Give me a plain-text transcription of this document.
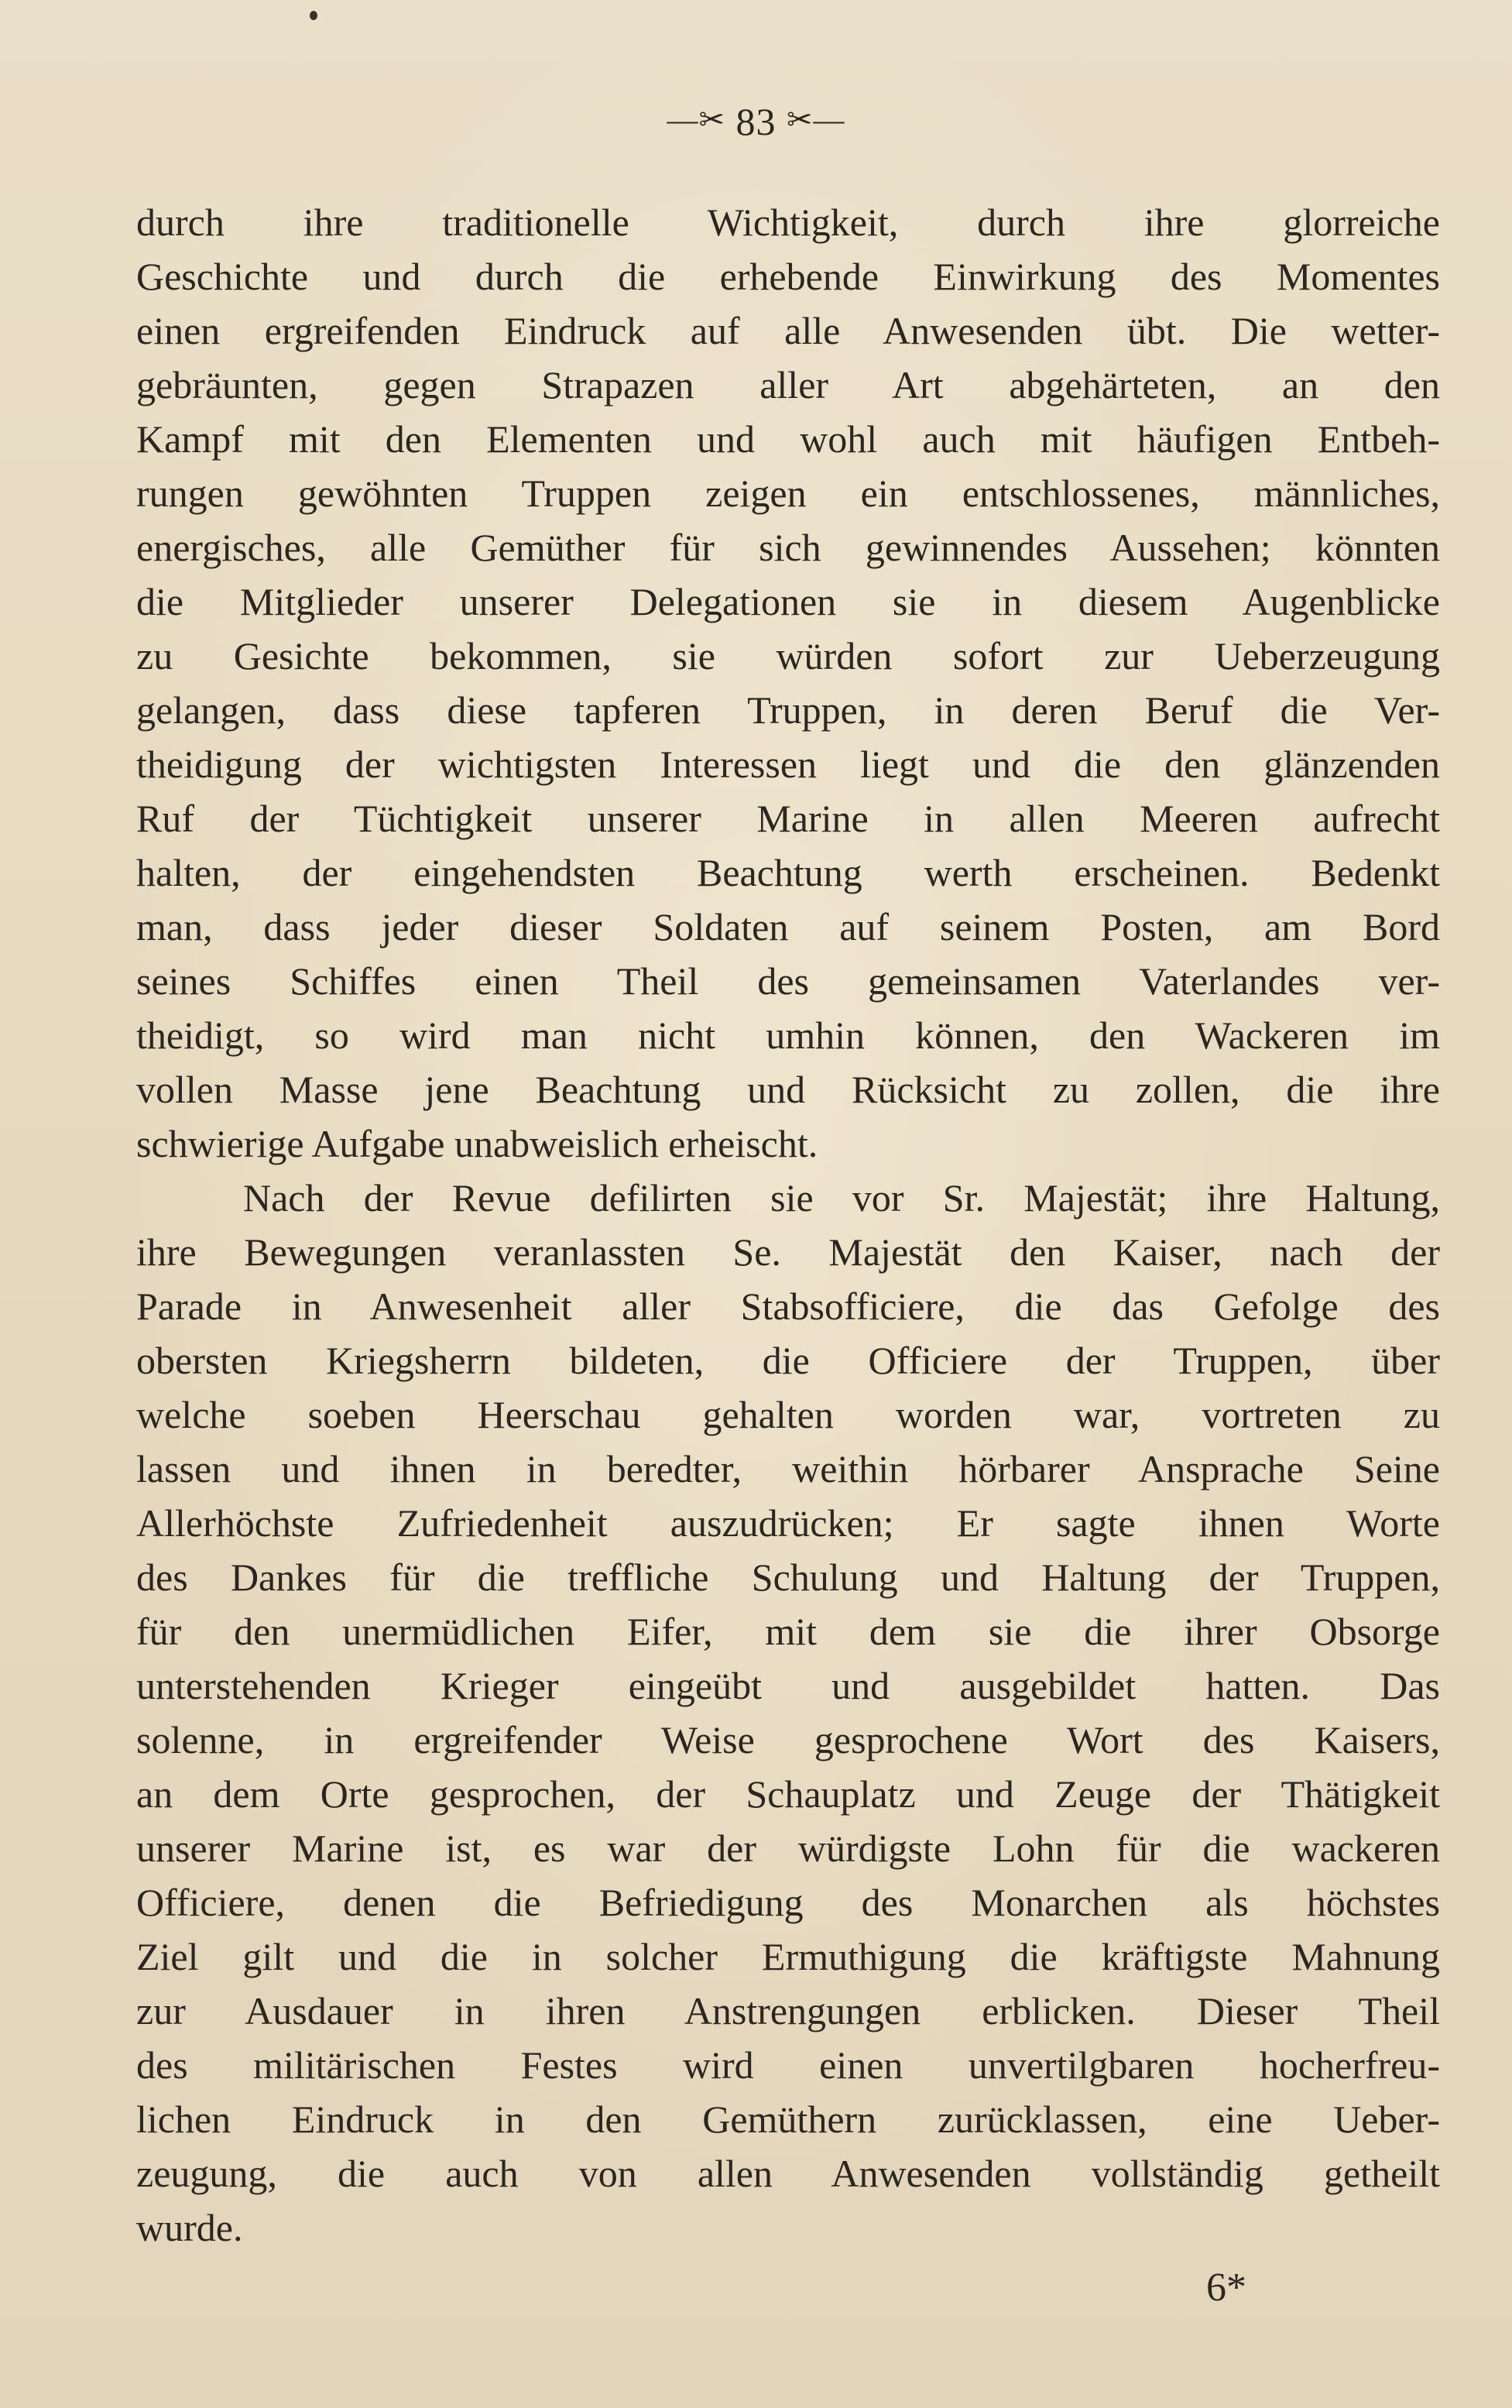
—✂ 83 ✂—
durch ihre traditionelle Wichtigkeit, durch ihre glorreiche
Geschichte und durch die erhebende Einwirkung des Momentes
einen ergreifenden Eindruck auf alle Anwesenden übt. Die wetter-
gebräunten, gegen Strapazen aller Art abgehärteten, an den
Kampf mit den Elementen und wohl auch mit häufigen Entbeh-
rungen gewöhnten Truppen zeigen ein entschlossenes, männliches,
energisches, alle Gemüther für sich gewinnendes Aussehen; könnten
die Mitglieder unserer Delegationen sie in diesem Augenblicke
zu Gesichte bekommen, sie würden sofort zur Ueberzeugung
gelangen, dass diese tapferen Truppen, in deren Beruf die Ver-
theidigung der wichtigsten Interessen liegt und die den glänzenden
Ruf der Tüchtigkeit unserer Marine in allen Meeren aufrecht
halten, der eingehendsten Beachtung werth erscheinen. Bedenkt
man, dass jeder dieser Soldaten auf seinem Posten, am Bord
seines Schiffes einen Theil des gemeinsamen Vaterlandes ver-
theidigt, so wird man nicht umhin können, den Wackeren im
vollen Masse jene Beachtung und Rücksicht zu zollen, die ihre
schwierige Aufgabe unabweislich erheischt.
Nach der Revue defilirten sie vor Sr. Majestät; ihre Haltung,
ihre Bewegungen veranlassten Se. Majestät den Kaiser, nach der
Parade in Anwesenheit aller Stabsofficiere, die das Gefolge des
obersten Kriegsherrn bildeten, die Officiere der Truppen, über
welche soeben Heerschau gehalten worden war, vortreten zu
lassen und ihnen in beredter, weithin hörbarer Ansprache Seine
Allerhöchste Zufriedenheit auszudrücken; Er sagte ihnen Worte
des Dankes für die treffliche Schulung und Haltung der Truppen,
für den unermüdlichen Eifer, mit dem sie die ihrer Obsorge
unterstehenden Krieger eingeübt und ausgebildet hatten. Das
solenne, in ergreifender Weise gesprochene Wort des Kaisers,
an dem Orte gesprochen, der Schauplatz und Zeuge der Thätigkeit
unserer Marine ist, es war der würdigste Lohn für die wackeren
Officiere, denen die Befriedigung des Monarchen als höchstes
Ziel gilt und die in solcher Ermuthigung die kräftigste Mahnung
zur Ausdauer in ihren Anstrengungen erblicken. Dieser Theil
des militärischen Festes wird einen unvertilgbaren hocherfreu-
lichen Eindruck in den Gemüthern zurücklassen, eine Ueber-
zeugung, die auch von allen Anwesenden vollständig getheilt
wurde.
6*
